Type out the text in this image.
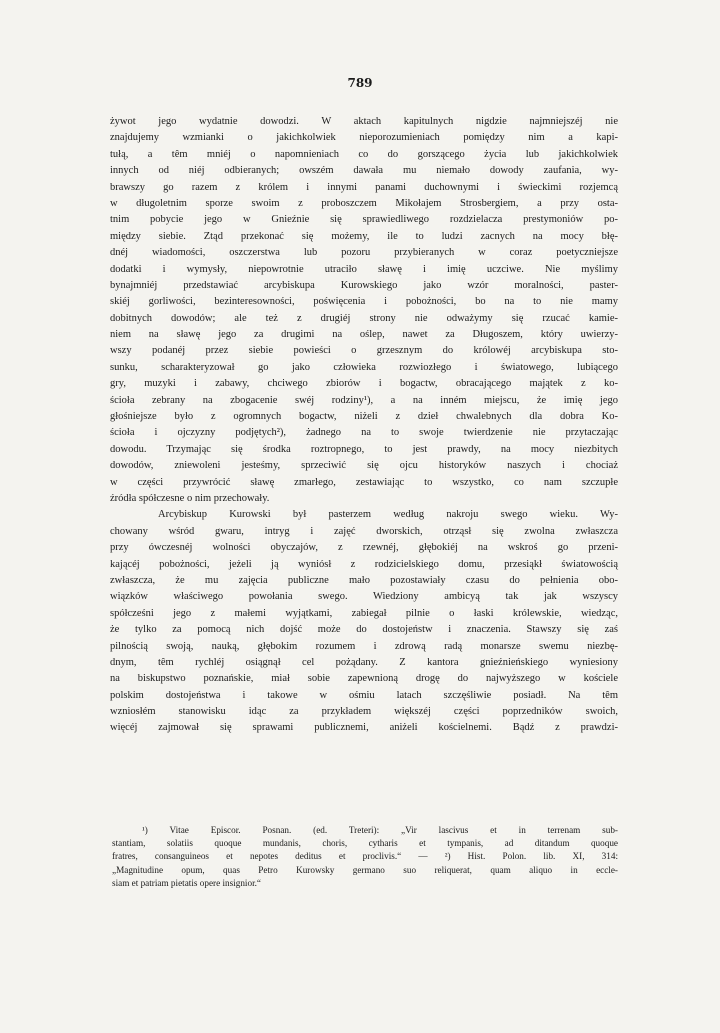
789
żywot jego wydatnie dowodzi. W aktach kapitulnych nigdzie najmniejszéj nie
znajdujemy wzmianki o jakichkolwiek nieporozumieniach pomiędzy nim a kapi-
tułą, a têm mniéj o napomnieniach co do gorszącego życia lub jakichkolwiek
innych od niéj odbieranych; owszém dawała mu niemało dowody zaufania, wy-
brawszy go razem z królem i innymi panami duchownymi i świeckimi rozjemcą
w długoletnim sporze swoim z proboszczem Mikołajem Strosbergiem, a przy osta-
tnim pobycie jego w Gnieźnie się sprawiedliwego rozdzielacza prestymoniów po-
między siebie. Ztąd przekonać się możemy, ile to ludzi zacnych na mocy błę-
dnéj wiadomości, oszczerstwa lub pozoru przybieranych w coraz poetyczniejsze
dodatki i wymysły, niepowrotnie utraciło sławę i imię uczciwe. Nie myślimy
bynajmniéj przedstawiać arcybiskupa Kurowskiego jako wzór moralności, paster-
skiéj gorliwości, bezinteresowności, poświęcenia i pobożności, bo na to nie mamy
dobitnych dowodów; ale też z drugiéj strony nie odważymy się rzucać kamie-
niem na sławę jego za drugimi na oślep, nawet za Długoszem, który uwierzy-
wszy podanéj przez siebie powieści o grzesznym do królowéj arcybiskupa sto-
sunku, scharakteryzował go jako człowieka rozwiozłego i światowego, lubiącego
gry, muzyki i zabawy, chciwego zbiorów i bogactw, obracającego majątek z ko-
ścioła zebrany na zbogacenie swéj rodziny¹), a na inném miejscu, że imię jego
głośniejsze było z ogromnych bogactw, niżeli z dzieł chwalebnych dla dobra Ko-
ścioła i ojczyzny podjętych²), żadnego na to swoje twierdzenie nie przytaczając
dowodu. Trzymając się środka roztropnego, to jest prawdy, na mocy niezbitych
dowodów, zniewoleni jesteśmy, sprzeciwić się ojcu historyków naszych i chociaż
w części przywrócić sławę zmarłego, zestawiając to wszystko, co nam szczupłe
źródła spółczesne o nim przechowały.
Arcybiskup Kurowski był pasterzem według nakroju swego wieku. Wy-
chowany wśród gwaru, intryg i zajęć dworskich, otrząsł się zwolna zwłaszcza
przy ówczesnéj wolności obyczajów, z rzewnéj, głębokiéj na wskroś go przeni-
kającéj pobożności, jeżeli ją wyniósł z rodzicielskiego domu, przesiąkł światowością
zwłaszcza, że mu zajęcia publiczne mało pozostawiały czasu do pełnienia obo-
wiązków właściwego powołania swego. Wiedziony ambicyą tak jak wszyscy
spółcześni jego z małemi wyjątkami, zabiegał pilnie o łaski królewskie, wiedząc,
że tylko za pomocą nich dojść może do dostojeństw i znaczenia. Stawszy się zaś
pilnością swoją, nauką, głębokim rozumem i zdrową radą monarsze swemu niezbę-
dnym, têm rychléj osiągnął cel pożądany. Z kantora gnieźnieńskiego wyniesiony
na biskupstwo poznańskie, miał sobie zapewnioną drogę do najwyższego w kościele
polskim dostojeństwa i takowe w ośmiu latach szczęśliwie posiadł. Na têm
wzniosłém stanowisku idąc za przykładem większéj części poprzedników swoich,
więcéj zajmował się sprawami publicznemi, aniżeli kościelnemi. Bądź z prawdzi-
¹) Vitae Episcor. Posnan. (ed. Treteri): „Vir lascivus et in terrenam sub-
stantiam, solatiis quoque mundanis, choris, cytharis et tympanis, ad ditandum quoque
fratres, consanguineos et nepotes deditus et proclivis.“ — ²) Hist. Polon. lib. XI, 314:
„Magnitudine opum, quas Petro Kurowsky germano suo reliquerat, quam aliquo in eccle-
siam et patriam pietatis opere insignior.“
